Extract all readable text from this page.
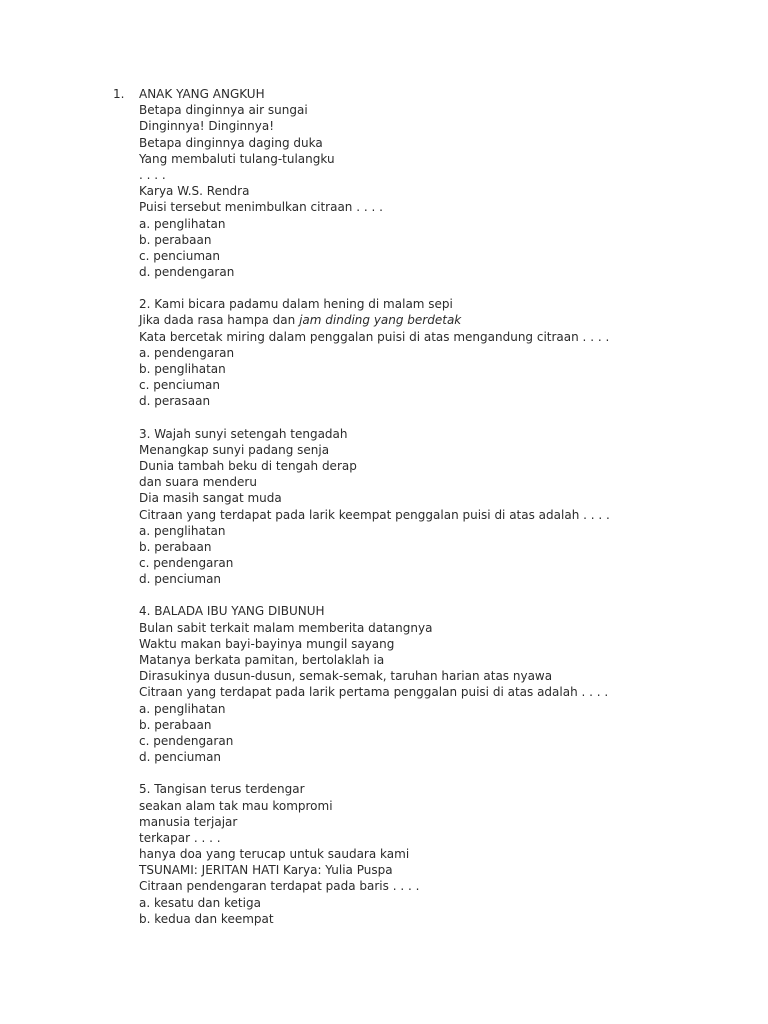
1. ANAK YANG ANGKUH
Betapa dinginnya air sungai
Dinginnya! Dinginnya!
Betapa dinginnya daging duka
Yang membaluti tulang-tulangku
. . . .
Karya W.S. Rendra
Puisi tersebut menimbulkan citraan . . . .
a. penglihatan
b. perabaan
c. penciuman
d. pendengaran
2. Kami bicara padamu dalam hening di malam sepi
Jika dada rasa hampa dan jam dinding yang berdetak
Kata bercetak miring dalam penggalan puisi di atas mengandung citraan . . . .
a. pendengaran
b. penglihatan
c. penciuman
d. perasaan
3. Wajah sunyi setengah tengadah
Menangkap sunyi padang senja
Dunia tambah beku di tengah derap
dan suara menderu
Dia masih sangat muda
Citraan yang terdapat pada larik keempat penggalan puisi di atas adalah . . . .
a. penglihatan
b. perabaan
c. pendengaran
d. penciuman
4. BALADA IBU YANG DIBUNUH
Bulan sabit terkait malam memberita datangnya
Waktu makan bayi-bayinya mungil sayang
Matanya berkata pamitan, bertolaklah ia
Dirasukinya dusun-dusun, semak-semak, taruhan harian atas nyawa
Citraan yang terdapat pada larik pertama penggalan puisi di atas adalah . . . .
a. penglihatan
b. perabaan
c. pendengaran
d. penciuman
5. Tangisan terus terdengar
seakan alam tak mau kompromi
manusia terjajar
terkapar . . . .
hanya doa yang terucap untuk saudara kami
TSUNAMI: JERITAN HATI Karya: Yulia Puspa
Citraan pendengaran terdapat pada baris . . . .
a. kesatu dan ketiga
b. kedua dan keempat
